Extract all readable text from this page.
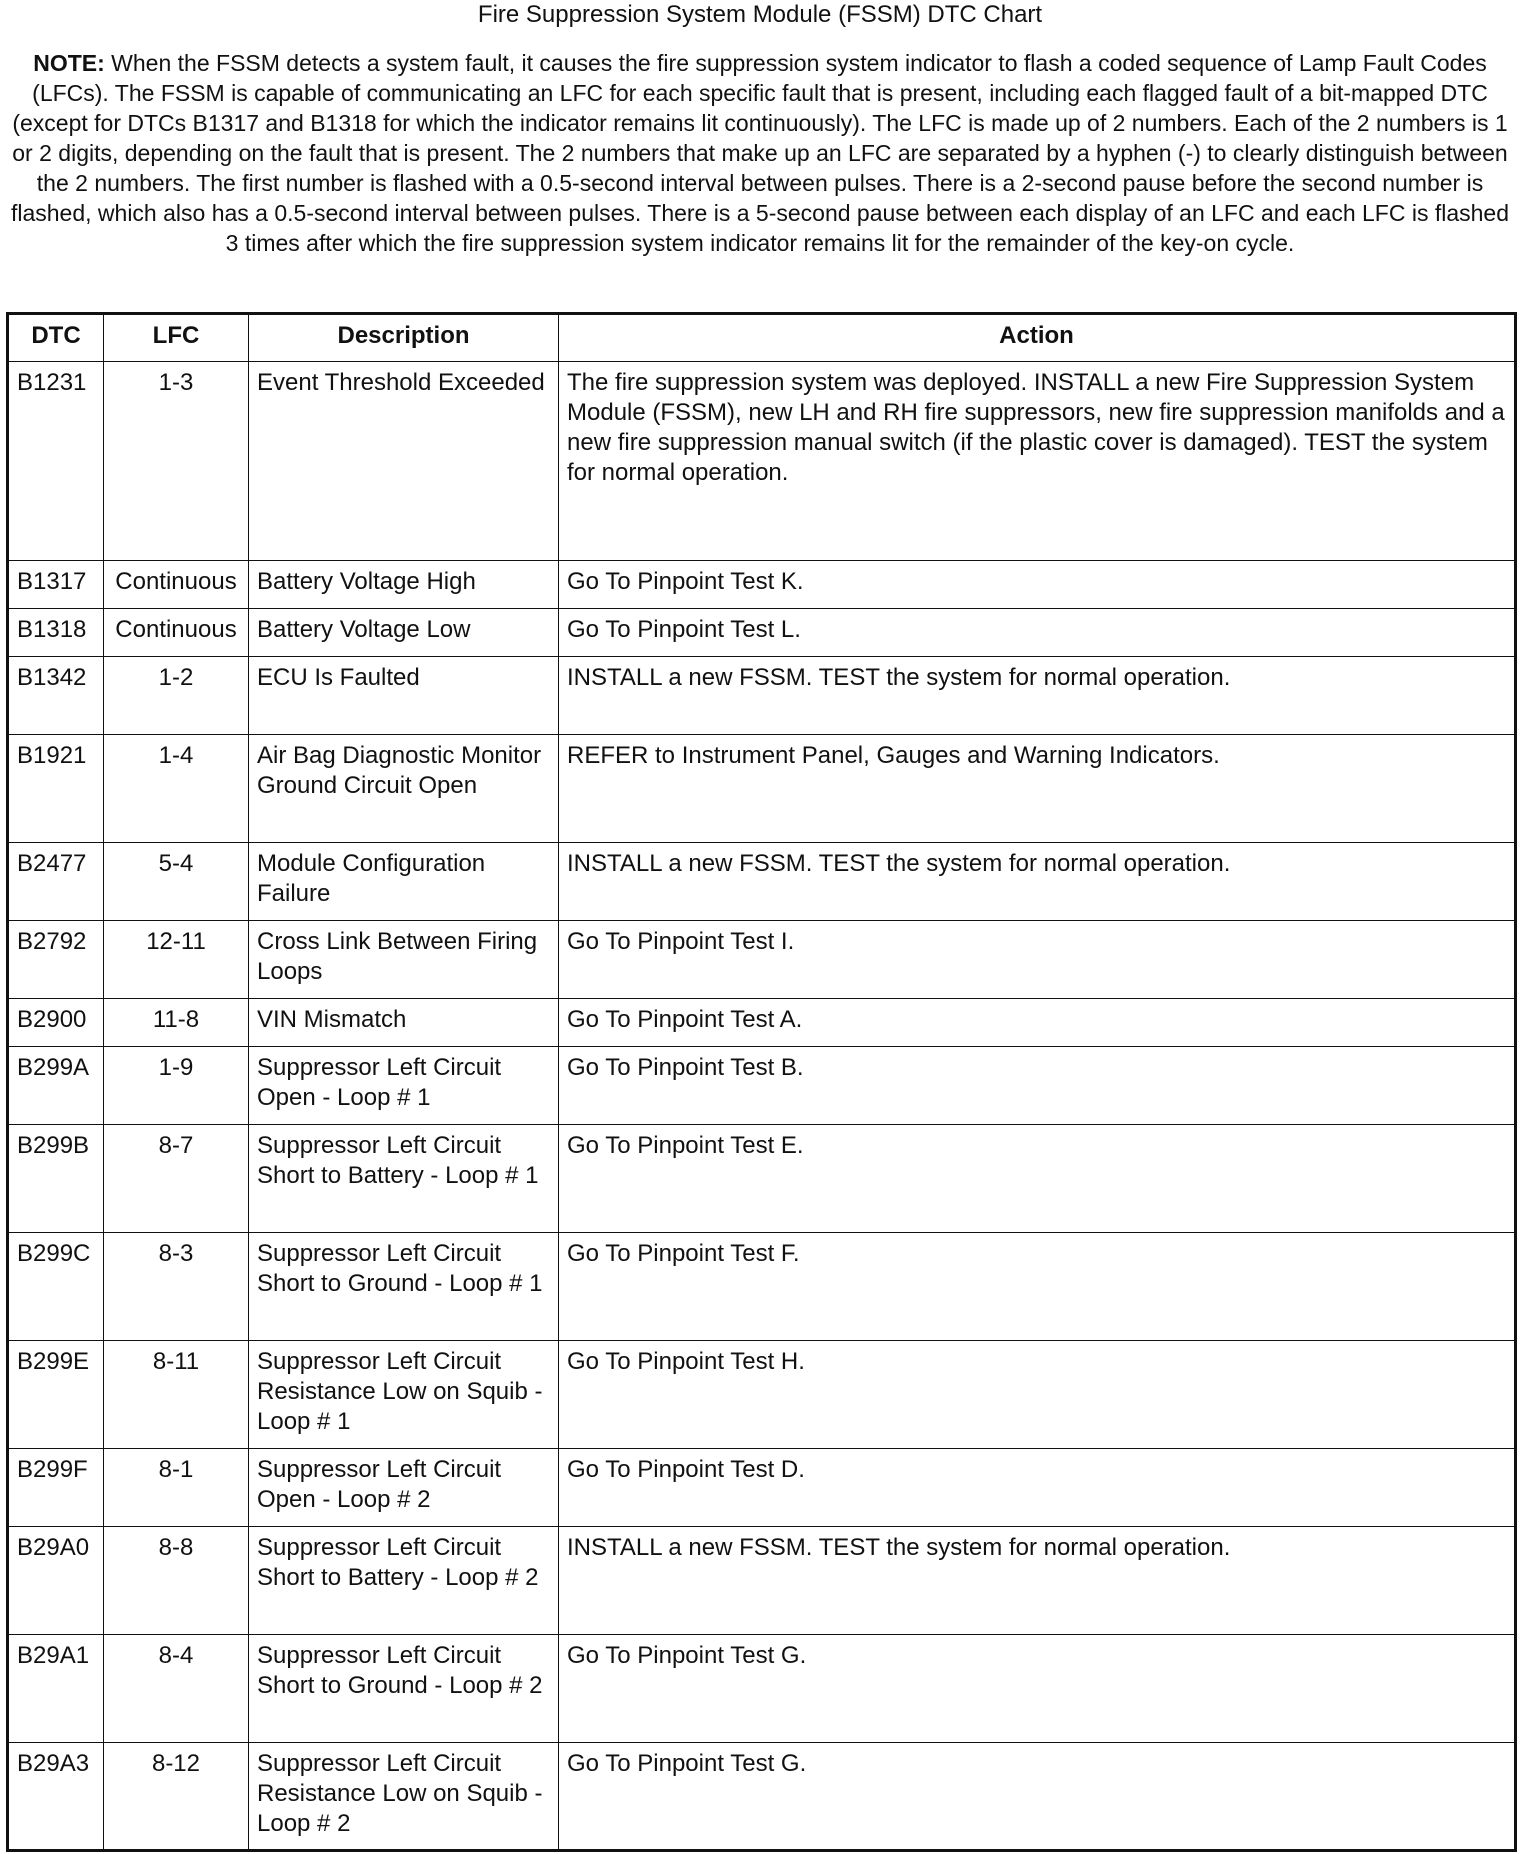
Fire Suppression System Module (FSSM) DTC Chart
NOTE: When the FSSM detects a system fault, it causes the fire suppression system indicator to flash a coded sequence of Lamp Fault Codes (LFCs). The FSSM is capable of communicating an LFC for each specific fault that is present, including each flagged fault of a bit-mapped DTC (except for DTCs B1317 and B1318 for which the indicator remains lit continuously). The LFC is made up of 2 numbers. Each of the 2 numbers is 1 or 2 digits, depending on the fault that is present. The 2 numbers that make up an LFC are separated by a hyphen (-) to clearly distinguish between the 2 numbers. The first number is flashed with a 0.5-second interval between pulses. There is a 2-second pause before the second number is flashed, which also has a 0.5-second interval between pulses. There is a 5-second pause between each display of an LFC and each LFC is flashed 3 times after which the fire suppression system indicator remains lit for the remainder of the key-on cycle.
DTC	LFC	Description	Action
B1231	1-3	Event Threshold Exceeded	The fire suppression system was deployed. INSTALL a new Fire Suppression System Module (FSSM), new LH and RH fire suppressors, new fire suppression manifolds and a new fire suppression manual switch (if the plastic cover is damaged). TEST the system for normal operation.
B1317	Continuous	Battery Voltage High	Go To Pinpoint Test K.
B1318	Continuous	Battery Voltage Low	Go To Pinpoint Test L.
B1342	1-2	ECU Is Faulted	INSTALL a new FSSM. TEST the system for normal operation.
B1921	1-4	Air Bag Diagnostic Monitor Ground Circuit Open	REFER to Instrument Panel, Gauges and Warning Indicators.
B2477	5-4	Module Configuration Failure	INSTALL a new FSSM. TEST the system for normal operation.
B2792	12-11	Cross Link Between Firing Loops	Go To Pinpoint Test I.
B2900	11-8	VIN Mismatch	Go To Pinpoint Test A.
B299A	1-9	Suppressor Left Circuit Open - Loop # 1	Go To Pinpoint Test B.
B299B	8-7	Suppressor Left Circuit Short to Battery - Loop # 1	Go To Pinpoint Test E.
B299C	8-3	Suppressor Left Circuit Short to Ground - Loop # 1	Go To Pinpoint Test F.
B299E	8-11	Suppressor Left Circuit Resistance Low on Squib - Loop # 1	Go To Pinpoint Test H.
B299F	8-1	Suppressor Left Circuit Open - Loop # 2	Go To Pinpoint Test D.
B29A0	8-8	Suppressor Left Circuit Short to Battery - Loop # 2	INSTALL a new FSSM. TEST the system for normal operation.
B29A1	8-4	Suppressor Left Circuit Short to Ground - Loop # 2	Go To Pinpoint Test G.
B29A3	8-12	Suppressor Left Circuit Resistance Low on Squib - Loop # 2	Go To Pinpoint Test G.
